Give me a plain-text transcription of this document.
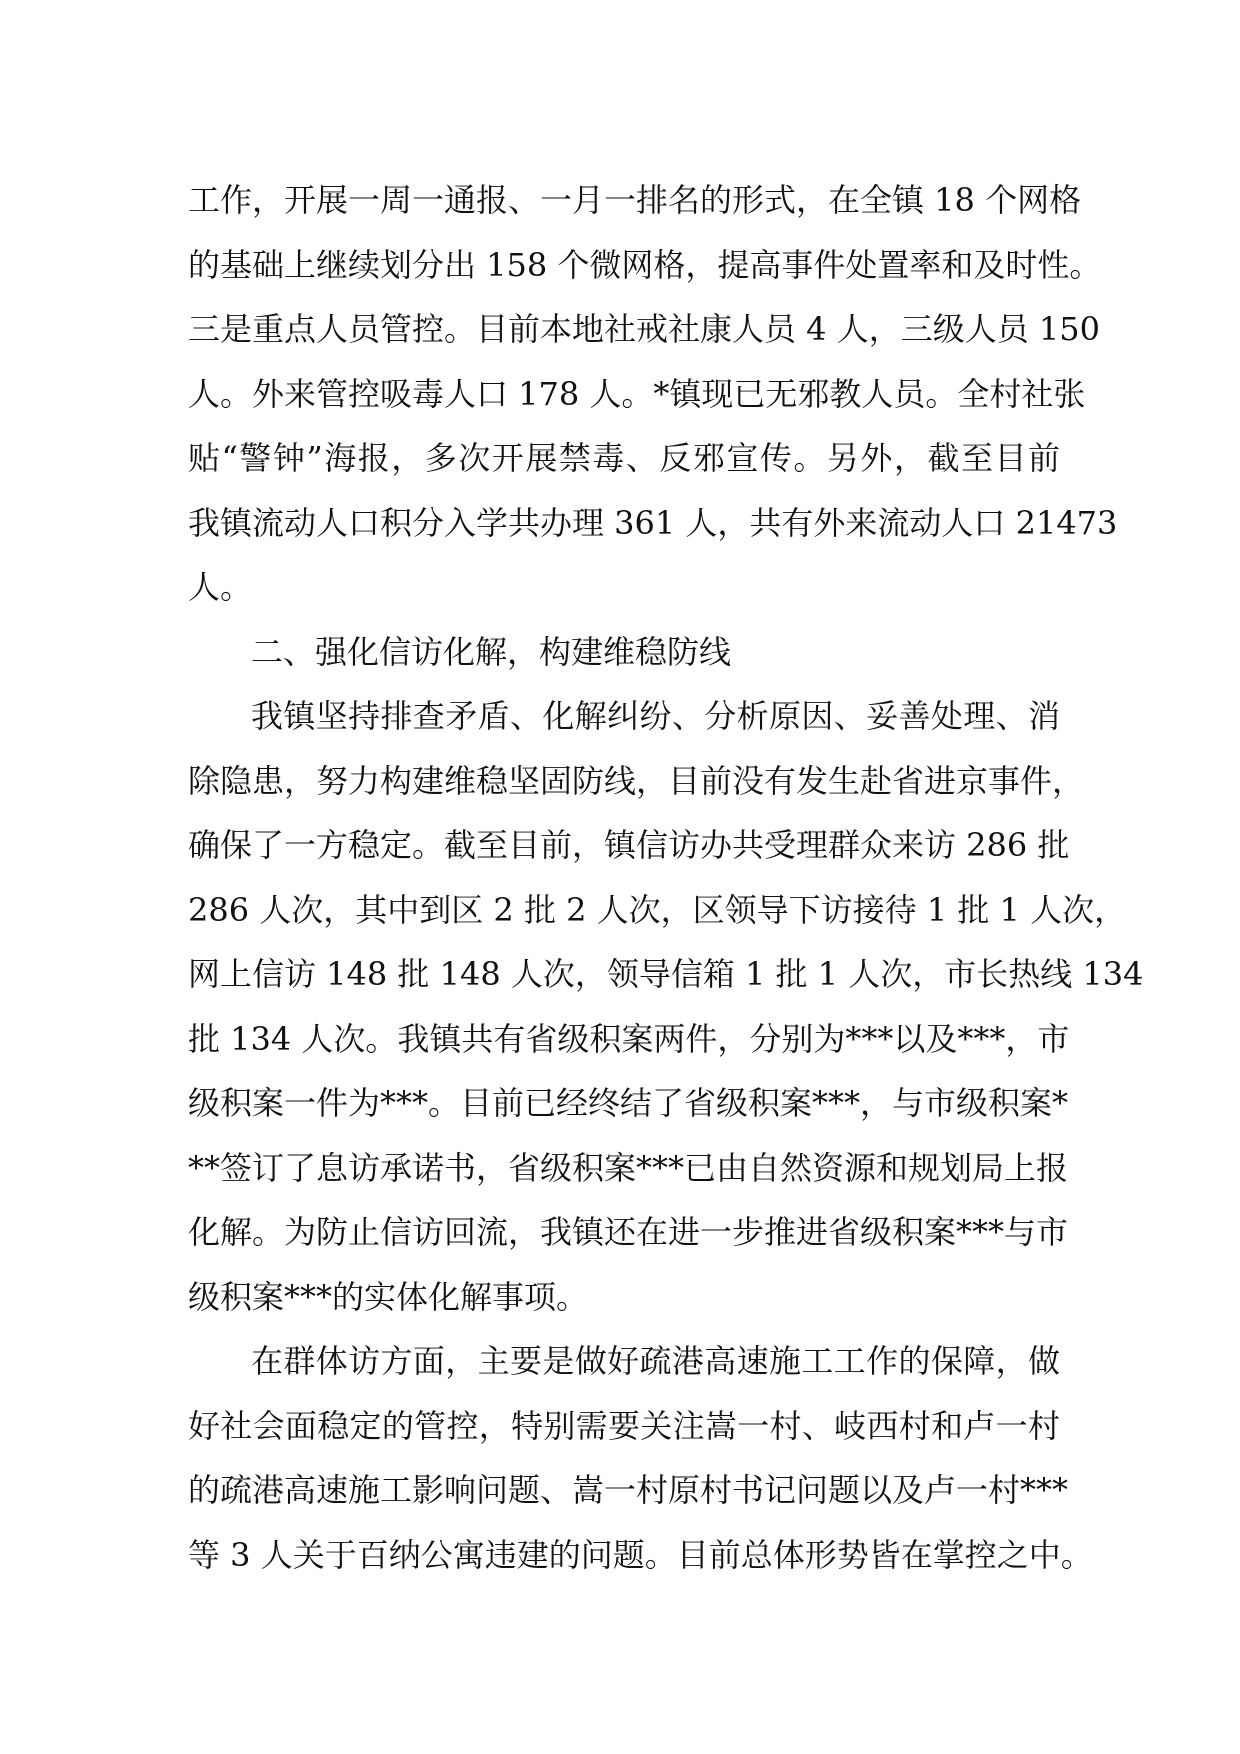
工作，开展一周一通报、一月一排名的形式，在全镇 18 个网格
的基础上继续划分出 158 个微网格，提高事件处置率和及时性。
三是重点人员管控。目前本地社戒社康人员 4 人，三级人员 150
人。外来管控吸毒人口 178 人。*镇现已无邪教人员。全村社张
贴“警钟”海报，多次开展禁毒、反邪宣传。另外，截至目前
我镇流动人口积分入学共办理 361 人，共有外来流动人口 21473
人。
二、强化信访化解，构建维稳防线
我镇坚持排查矛盾、化解纠纷、分析原因、妥善处理、消
除隐患，努力构建维稳坚固防线，目前没有发生赴省进京事件，
确保了一方稳定。截至目前，镇信访办共受理群众来访 286 批
286 人次，其中到区 2 批 2 人次，区领导下访接待 1 批 1 人次，
网上信访 148 批 148 人次，领导信箱 1 批 1 人次，市长热线 134
批 134 人次。我镇共有省级积案两件，分别为***以及***，市
级积案一件为***。目前已经终结了省级积案***，与市级积案*
**签订了息访承诺书，省级积案***已由自然资源和规划局上报
化解。为防止信访回流，我镇还在进一步推进省级积案***与市
级积案***的实体化解事项。
在群体访方面，主要是做好疏港高速施工工作的保障，做
好社会面稳定的管控，特别需要关注嵩一村、岐西村和卢一村
的疏港高速施工影响问题、嵩一村原村书记问题以及卢一村***
等 3 人关于百纳公寓违建的问题。目前总体形势皆在掌控之中。
